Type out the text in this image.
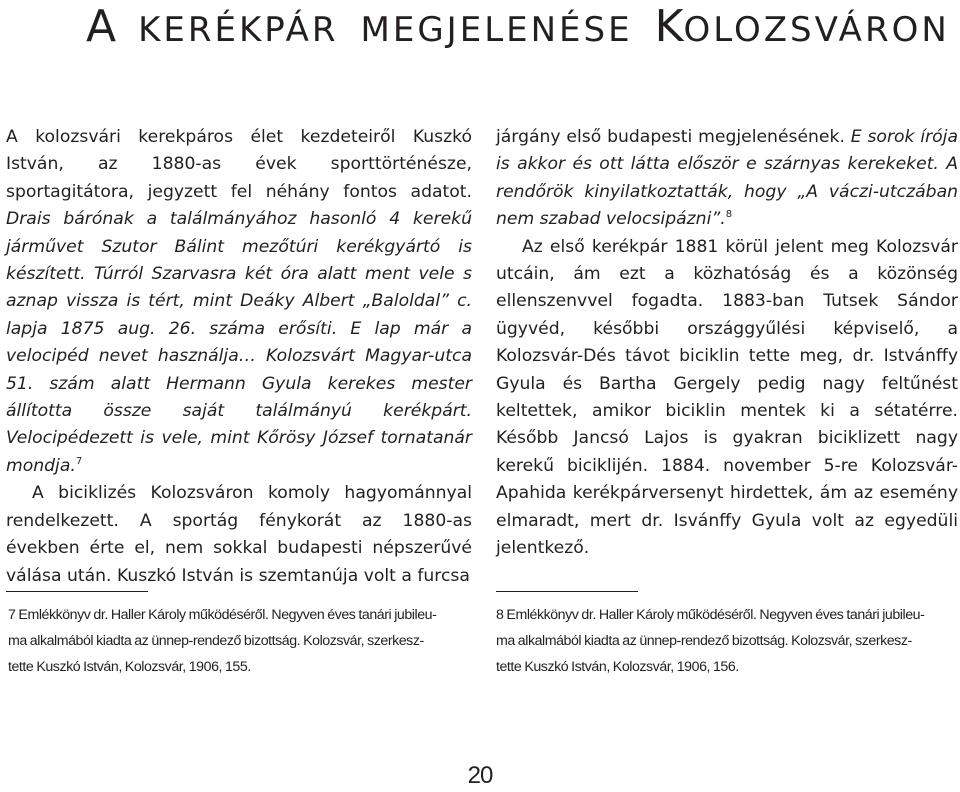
A KERÉKPÁR MEGJELENÉSE KOLOZSVÁRON

A kolozsvári kerekpáros élet kezdeteiről Kuszkó István, az 1880-as évek sporttörténésze, sportagitátora, jegyzett fel néhány fontos adatot. Drais bárónak a találmányához hasonló 4 kerekű járművet Szutor Bálint mezőtúri kerékgyártó is készített. Túrról Szarvasra két óra alatt ment vele s aznap vissza is tért, mint Deáky Albert „Baloldal” c. lapja 1875 aug. 26. száma erősíti. E lap már a velocipéd nevet használja… Kolozsvárt Magyar-utca 51. szám alatt Hermann Gyula kerekes mester állította össze saját találmányú kerékpárt. Velocipédezett is vele, mint Kőrösy József tornatanár mondja.$^7$

A biciklizés Kolozsváron komoly hagyománnyal rendelkezett. A sportág fénykorát az 1880-as években érte el, nem sokkal budapesti népszerűvé válása után. Kuszkó István is szemtanúja volt a furcsa

járgány első budapesti megjelenésének. E sorok írója is akkor és ott látta először e szárnyas kerekeket. A rendőrök kinyilatkoztatták, hogy „A váczi-utczában nem szabad velocsipázni”.$^8$

Az első kerékpár 1881 körül jelent meg Kolozsvár utcáin, ám ezt a közhatóság és a közönség ellenszenvvel fogadta. 1883-ban Tutsek Sándor ügyvéd, későbbi országgyűlési képviselő, a Kolozsvár-Dés távot biciklin tette meg, dr. Istvánffy Gyula és Bartha Gergely pedig nagy feltűnést keltettek, amikor biciklin mentek ki a sétatérre. Később Jancsó Lajos is gyakran biciklizett nagy kerekű biciklijén. 1884. november 5-re Kolozsvár-Apahida kerékpárversenyt hirdettek, ám az esemény elmaradt, mert dr. Isvánffy Gyula volt az egyedüli jelentkező.

7 Emlékkönyv dr. Haller Károly működéséről. Negyven éves tanári jubileu-
ma alkalmából kiadta az ünnep-rendező bizottság. Kolozsvár, szerkesz-
tette Kuszkó István, Kolozsvár, 1906, 155.
8 Emlékkönyv dr. Haller Károly működéséről. Negyven éves tanári jubileu-
ma alkalmából kiadta az ünnep-rendező bizottság. Kolozsvár, szerkesz-
tette Kuszkó István, Kolozsvár, 1906, 156.
20
